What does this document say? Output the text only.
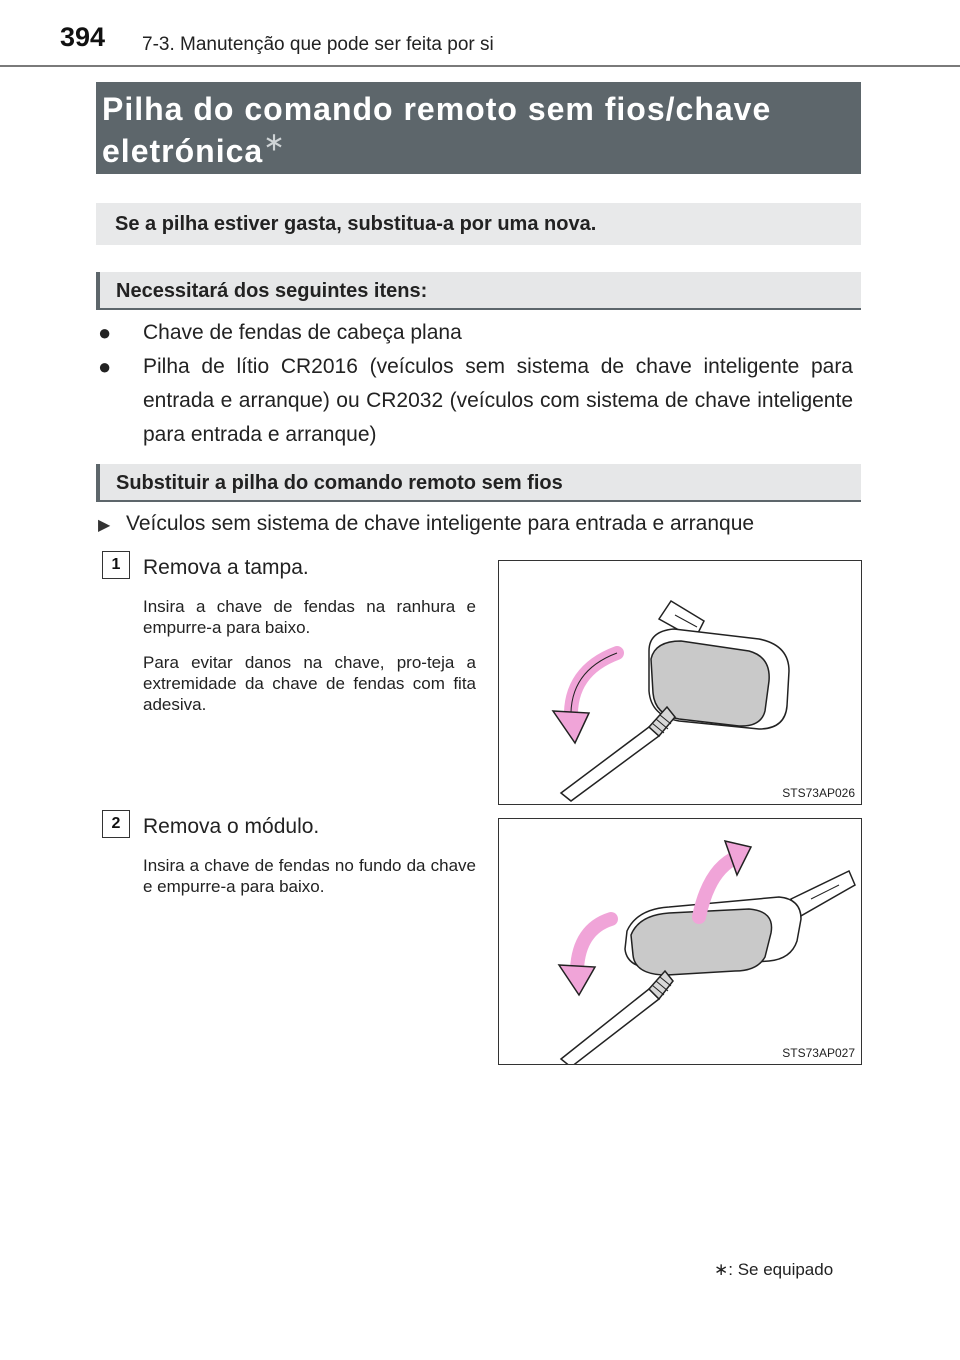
394 7-3. Manutenção que pode ser feita por si
Pilha do comando remoto sem fios/chave eletrónica∗
Se a pilha estiver gasta, substitua-a por uma nova.
Necessitará dos seguintes itens:
● Chave de fendas de cabeça plana
● Pilha de lítio CR2016 (veículos sem sistema de chave inteligente para entrada e arranque) ou CR2032 (veículos com sistema de chave inteligente para entrada e arranque)
Substituir a pilha do comando remoto sem fios
▶ Veículos sem sistema de chave inteligente para entrada e arranque
1	Remova a tampa.
Insira a chave de fendas na ranhura e empurre-a para baixo.
Para evitar danos na chave, pro-teja a extremidade da chave de fendas com fita adesiva.
STS73AP026
2	Remova o módulo.
Insira a chave de fendas no fundo da chave e empurre-a para baixo.
STS73AP027
∗: Se equipado
